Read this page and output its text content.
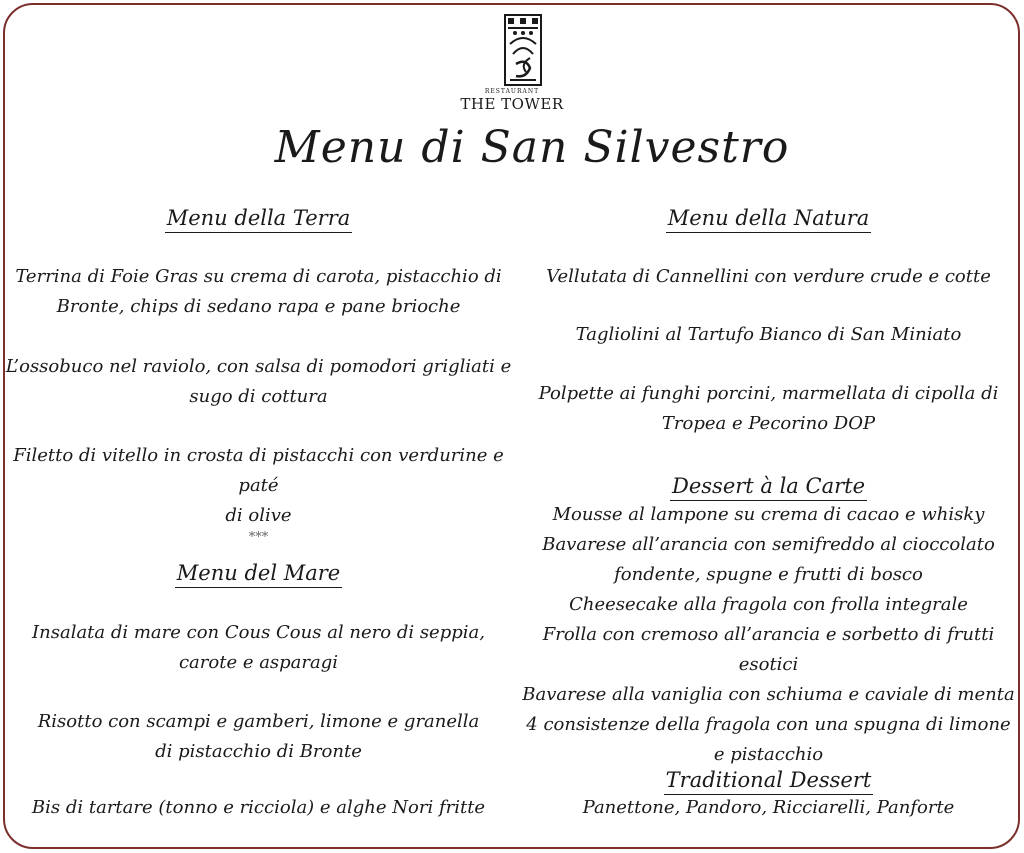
RESTAURANT
THE TOWER
Menu di San Silvestro
Menu della Terra
Terrina di Foie Gras su crema di carota, pistacchio di
Bronte, chips di sedano rapa e pane brioche
L’ossobuco nel raviolo, con salsa di pomodori grigliati e
sugo di cottura
Filetto di vitello in crosta di pistacchi con verdurine e paté
di olive
***
Menu del Mare
Insalata di mare con Cous Cous al nero di seppia,
carote e asparagi
Risotto con scampi e gamberi, limone e granella
di pistacchio di Bronte
Bis di tartare (tonno e ricciola) e alghe Nori fritte
Menu della Natura
Vellutata di Cannellini con verdure crude e cotte
Tagliolini al Tartufo Bianco di San Miniato
Polpette ai funghi porcini, marmellata di cipolla di
Tropea e Pecorino DOP
Dessert à la Carte
Mousse al lampone su crema di cacao e whisky
Bavarese all’arancia con semifreddo al cioccolato
fondente, spugne e frutti di bosco
Cheesecake alla fragola con frolla integrale
Frolla con cremoso all’arancia e sorbetto di frutti esotici
Bavarese alla vaniglia con schiuma e caviale di menta
4 consistenze della fragola con una spugna di limone
e pistacchio
Traditional Dessert
Panettone, Pandoro, Ricciarelli, Panforte
